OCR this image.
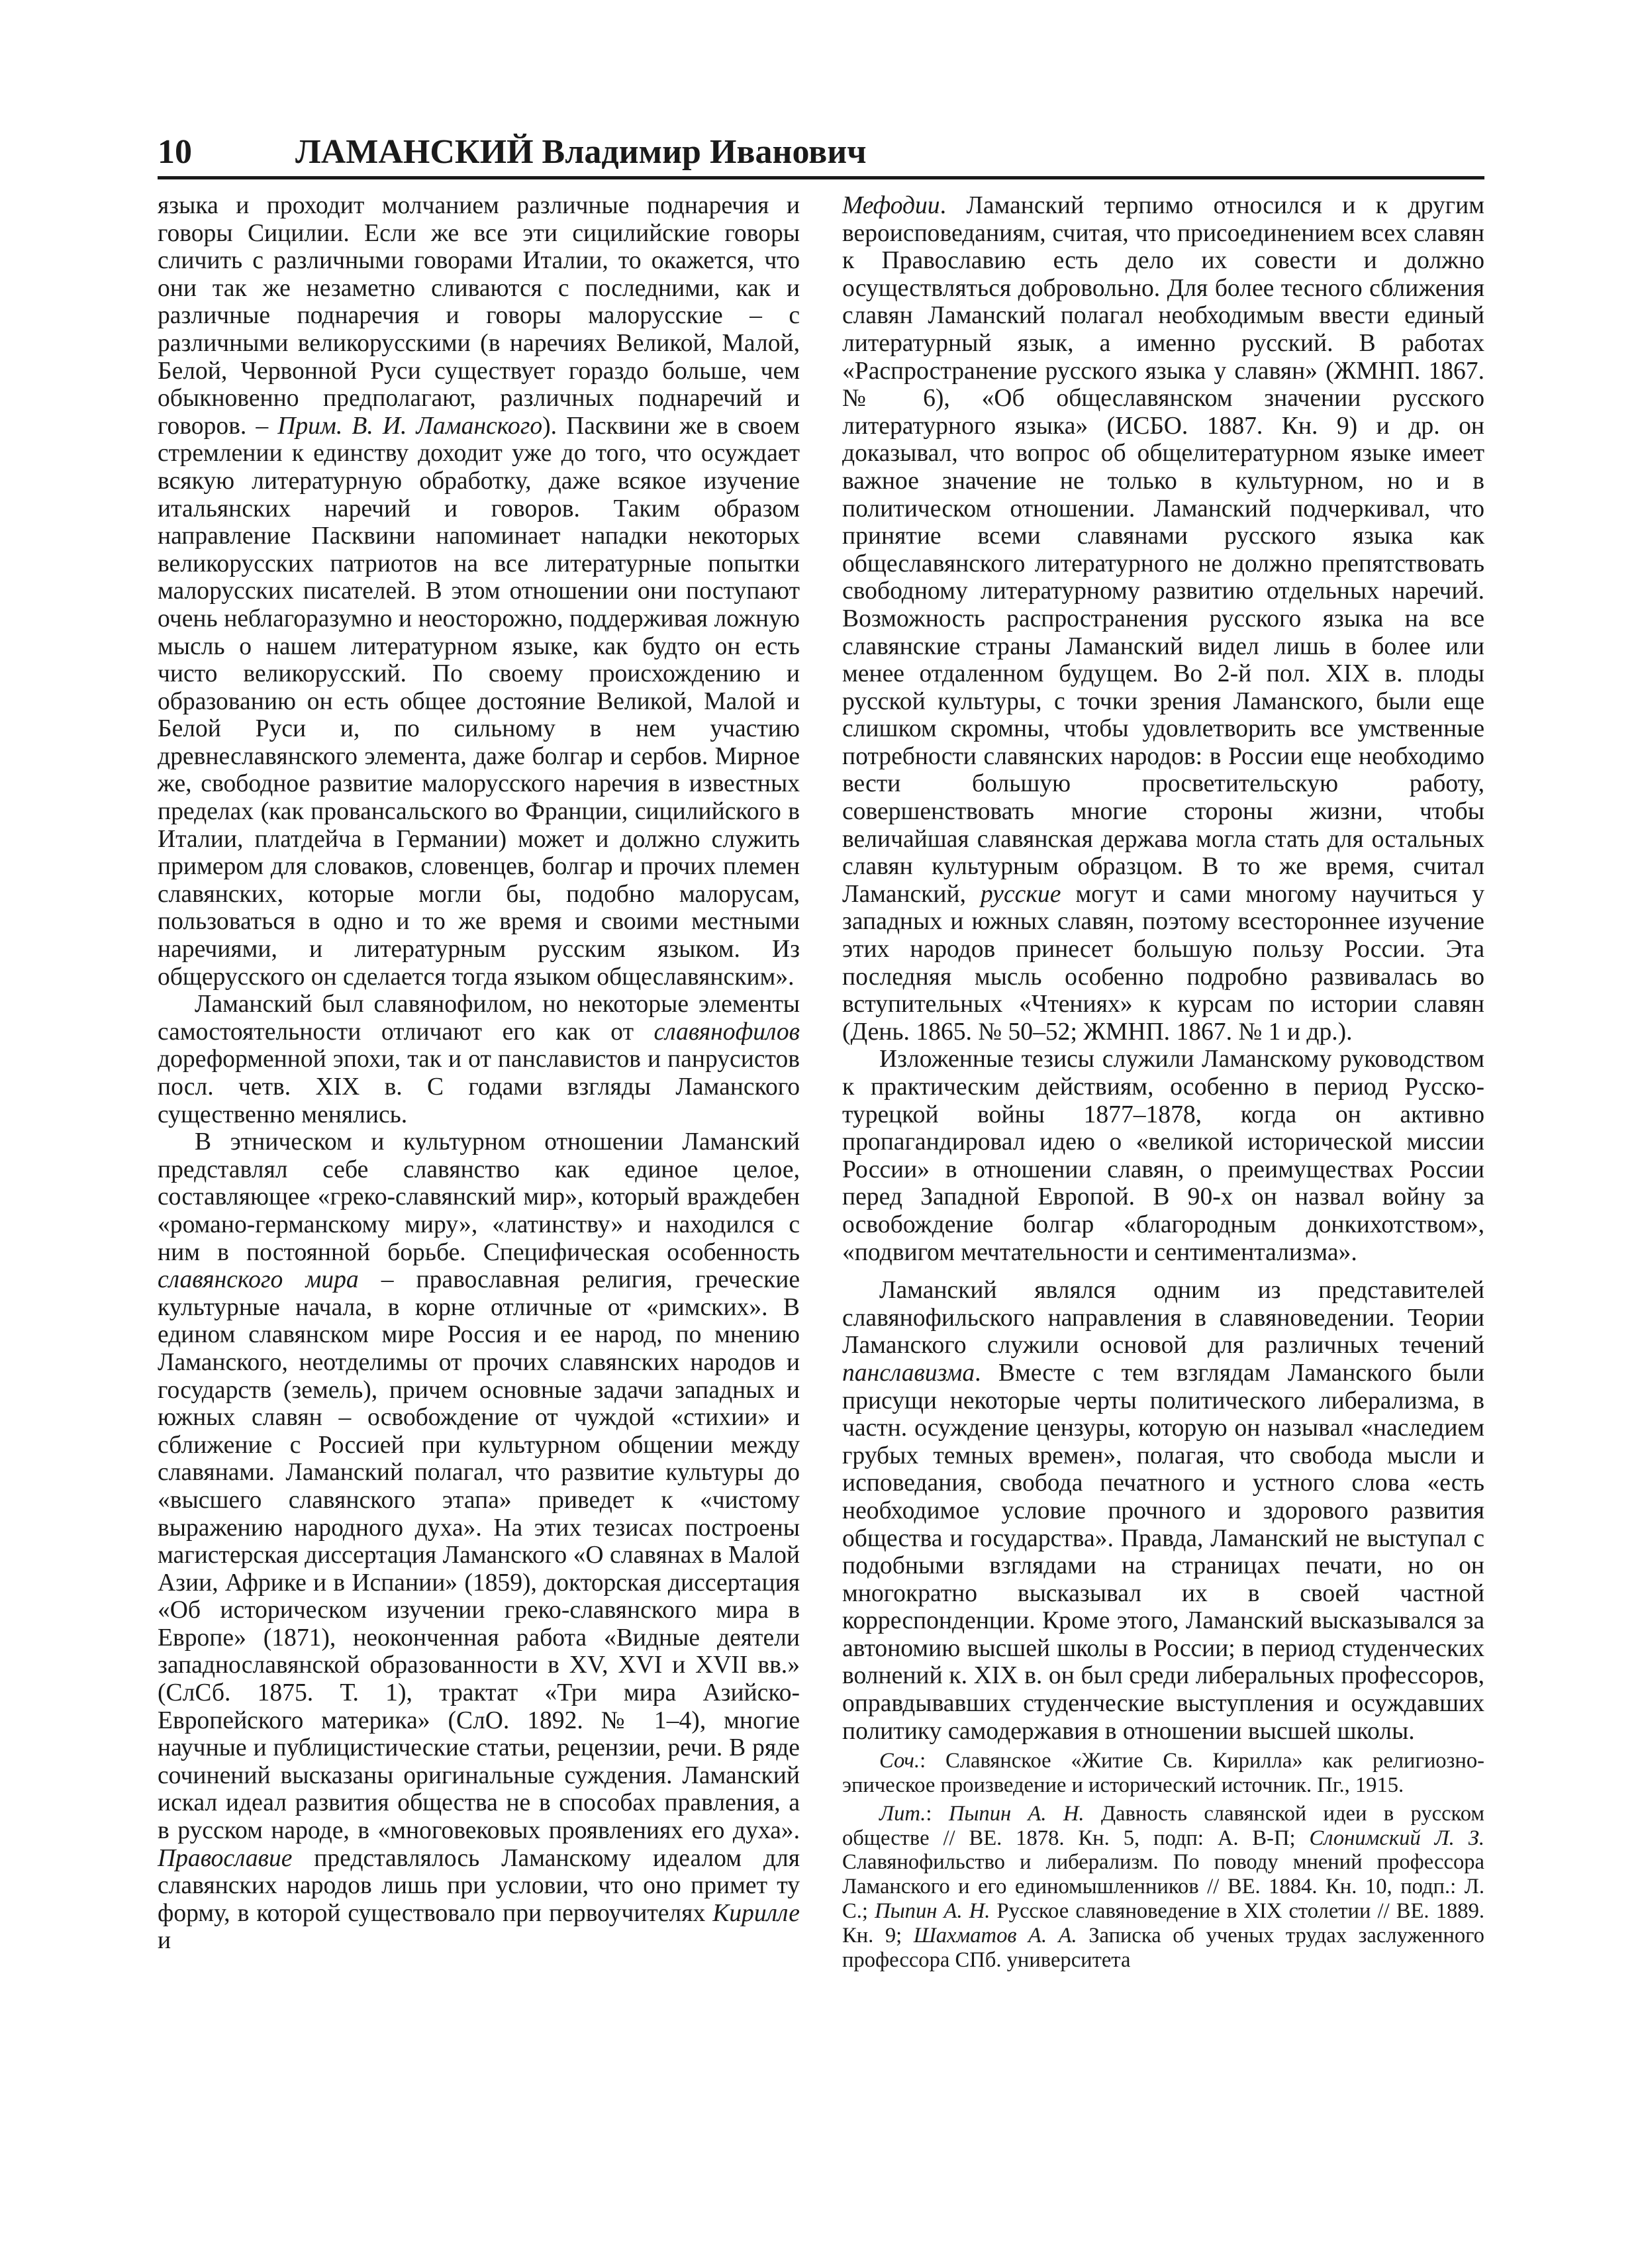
10	ЛАМАНСКИЙ Владимир Иванович

языка и проходит молчанием различные поднаречия и говоры Сицилии. Если же все эти сицилийские говоры сличить с различными говорами Италии, то окажется, что они так же незаметно сливаются с последними, как и различные поднаречия и говоры малорусские – с различными великорусскими (в наречиях Великой, Малой, Белой, Червонной Руси существует гораздо больше, чем обыкновенно предполагают, различных поднаречий и говоров. – Прим. В. И. Ламанского). Пасквини же в своем стремлении к единству доходит уже до того, что осуждает всякую литературную обработку, даже всякое изучение итальянских наречий и говоров. Таким образом направление Пасквини напоминает нападки некоторых великорусских патриотов на все литературные попытки малорусских писателей. В этом отношении они поступают очень неблагоразумно и неосторожно, поддерживая ложную мысль о нашем литературном языке, как будто он есть чисто великорусский. По своему происхождению и образованию он есть общее достояние Великой, Малой и Белой Руси и, по сильному в нем участию древнеславянского элемента, даже болгар и сербов. Мирное же, свободное развитие малорусского наречия в известных пределах (как провансальского во Франции, сицилийского в Италии, платдейча в Германии) может и должно служить примером для словаков, словенцев, болгар и прочих племен славянских, которые могли бы, подобно малорусам, пользоваться в одно и то же время и своими местными наречиями, и литературным русским языком. Из общерусского он сделается тогда языком общеславянским».

Ламанский был славянофилом, но некоторые элементы самостоятельности отличают его как от славянофилов дореформенной эпохи, так и от панславистов и панрусистов посл. четв. XIX в. С годами взгляды Ламанского существенно менялись.

В этническом и культурном отношении Ламанский представлял себе славянство как единое целое, составляющее «греко-славянский мир», который враждебен «романо-германскому миру», «латинству» и находился с ним в постоянной борьбе. Специфическая особенность славянского мира – православная религия, греческие культурные начала, в корне отличные от «римских». В едином славянском мире Россия и ее народ, по мнению Ламанского, неотделимы от прочих славянских народов и государств (земель), причем основные задачи западных и южных славян – освобождение от чуждой «стихии» и сближение с Россией при культурном общении между славянами. Ламанский полагал, что развитие культуры до «высшего славянского этапа» приведет к «чистому выражению народного духа». На этих тезисах построены магистерская диссертация Ламанского «О славянах в Малой Азии, Африке и в Испании» (1859), докторская диссертация «Об историческом изучении греко-славянского мира в Европе» (1871), неоконченная работа «Видные деятели западнославянской образованности в XV, XVI и XVII вв.» (СлСб. 1875. Т. 1), трактат «Три мира Азийско-Европейского материка» (СлО. 1892. № 1–4), многие научные и публицистические статьи, рецензии, речи. В ряде сочинений высказаны оригинальные суждения. Ламанский искал идеал развития общества не в способах правления, а в русском народе, в «многовековых проявлениях его духа». Православие представлялось Ламанскому идеалом для славянских народов лишь при условии, что оно примет ту форму, в которой существовало при первоучителях Кирилле и

Мефодии. Ламанский терпимо относился и к другим вероисповеданиям, считая, что присоединением всех славян к Православию есть дело их совести и должно осуществляться добровольно. Для более тесного сближения славян Ламанский полагал необходимым ввести единый литературный язык, а именно русский. В работах «Распространение русского языка у славян» (ЖМНП. 1867. № 6), «Об общеславянском значении русского литературного языка» (ИСБО. 1887. Кн. 9) и др. он доказывал, что вопрос об общелитературном языке имеет важное значение не только в культурном, но и в политическом отношении. Ламанский подчеркивал, что принятие всеми славянами русского языка как общеславянского литературного не должно препятствовать свободному литературному развитию отдельных наречий. Возможность распространения русского языка на все славянские страны Ламанский видел лишь в более или менее отдаленном будущем. Во 2-й пол. XIX в. плоды русской культуры, с точки зрения Ламанского, были еще слишком скромны, чтобы удовлетворить все умственные потребности славянских народов: в России еще необходимо вести большую просветительскую работу, совершенствовать многие стороны жизни, чтобы величайшая славянская держава могла стать для остальных славян культурным образцом. В то же время, считал Ламанский, русские могут и сами многому научиться у западных и южных славян, поэтому всестороннее изучение этих народов принесет большую пользу России. Эта последняя мысль особенно подробно развивалась во вступительных «Чтениях» к курсам по истории славян (День. 1865. № 50–52; ЖМНП. 1867. № 1 и др.).

Изложенные тезисы служили Ламанскому руководством к практическим действиям, особенно в период Русско-турецкой войны 1877–1878, когда он активно пропагандировал идею о «великой исторической миссии России» в отношении славян, о преимуществах России перед Западной Европой. В 90-х он назвал войну за освобождение болгар «благородным донкихотством», «подвигом мечтательности и сентиментализма».

Ламанский являлся одним из представителей славянофильского направления в славяноведении. Теории Ламанского служили основой для различных течений панславизма. Вместе с тем взглядам Ламанского были присущи некоторые черты политического либерализма, в частн. осуждение цензуры, которую он называл «наследием грубых темных времен», полагая, что свобода мысли и исповедания, свобода печатного и устного слова «есть необходимое условие прочного и здорового развития общества и государства». Правда, Ламанский не выступал с подобными взглядами на страницах печати, но он многократно высказывал их в своей частной корреспонденции. Кроме этого, Ламанский высказывался за автономию высшей школы в России; в период студенческих волнений к. XIX в. он был среди либеральных профессоров, оправдывавших студенческие выступления и осуждавших политику самодержавия в отношении высшей школы.

Соч.: Славянское «Житие Св. Кирилла» как религиозно-эпическое произведение и исторический источник. Пг., 1915.

Лит.: Пыпин А. Н. Давность славянской идеи в русском обществе // ВЕ. 1878. Кн. 5, подп: А. В-П; Слонимский Л. З. Славянофильство и либерализм. По поводу мнений профессора Ламанского и его единомышленников // ВЕ. 1884. Кн. 10, подп.: Л. С.; Пыпин А. Н. Русское славяноведение в XIX столетии // ВЕ. 1889. Кн. 9; Шахматов А. А. Записка об ученых трудах заслуженного профессора СПб. университета
